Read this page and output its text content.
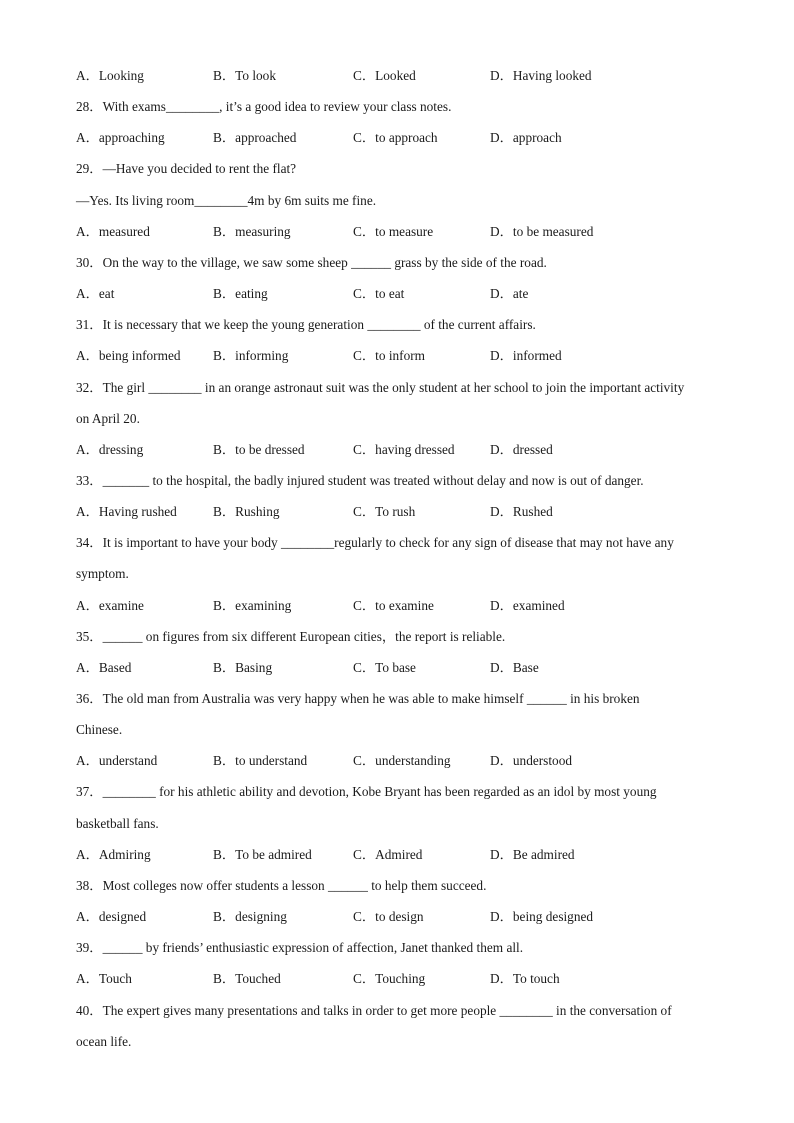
A．Looking	B．To look	C．Looked	D．Having looked
28．With exams________, it’s a good idea to review your class notes.
A．approaching	B．approached	C．to approach	D．approach
29．—Have you decided to rent the flat?
—Yes. Its living room________4m by 6m suits me fine.
A．measured	B．measuring	C．to measure	D．to be measured
30．On the way to the village, we saw some sheep ______ grass by the side of the road.
A．eat	B．eating	C．to eat	D．ate
31．It is necessary that we keep the young generation ________ of the current affairs.
A．being informed B．informing	C．to inform	D．informed
32．The girl ________ in an orange astronaut suit was the only student at her school to join the important activity
on April 20.
A．dressing	B．to be dressed	C．having dressed	D．dressed
33．_______ to the hospital, the badly injured student was treated without delay and now is out of danger.
A．Having rushed	B．Rushing	C．To rush	D．Rushed
34．It is important to have your body ________regularly to check for any sign of disease that may not have any
symptom.
A．examine	B．examining	C．to examine	D．examined
35．______ on figures from six different European cities，the report is reliable.
A．Based	B．Basing	C．To base	D．Base
36．The old man from Australia was very happy when he was able to make himself ______ in his broken
Chinese.
A．understand	B．to understand	C．understanding	D．understood
37．________ for his athletic ability and devotion, Kobe Bryant has been regarded as an idol by most young
basketball fans.
A．Admiring	B．To be admired	C．Admired	D．Be admired
38．Most colleges now offer students a lesson ______ to help them succeed.
A．designed	B．designing	C．to design	D．being designed
39．______ by friends’ enthusiastic expression of affection, Janet thanked them all.
A．Touch	B．Touched	C．Touching	D．To touch
40．The expert gives many presentations and talks in order to get more people ________ in the conversation of
ocean life.
